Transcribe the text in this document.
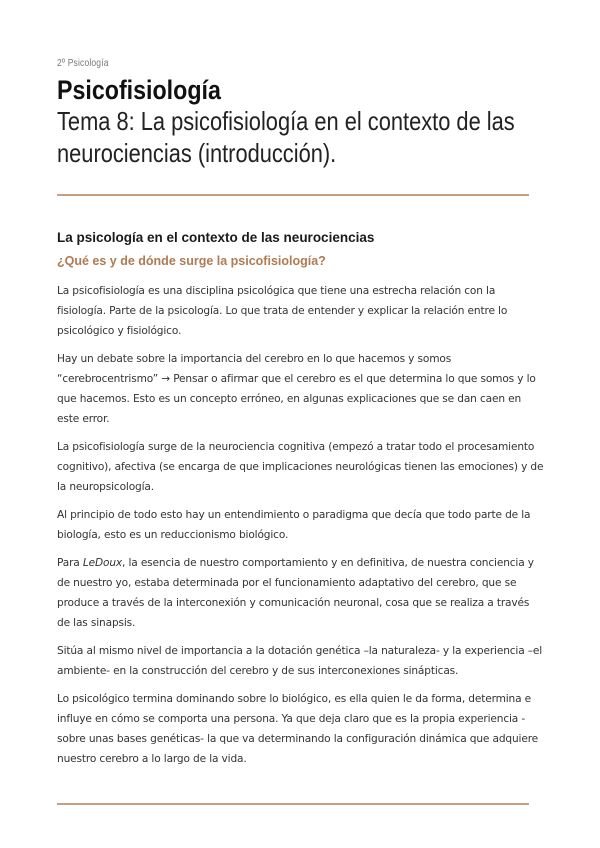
2º Psicología
Psicofisiología
Tema 8: La psicofisiología en el contexto de las neurociencias (introducción).
La psicología en el contexto de las neurociencias
¿Qué es y de dónde surge la psicofisiología?

La psicofisiología es una disciplina psicológica que tiene una estrecha relación con la fisiología. Parte de la psicología. Lo que trata de entender y explicar la relación entre lo psicológico y fisiológico.

Hay un debate sobre la importancia del cerebro en lo que hacemos y somos “cerebrocentrismo” → Pensar o afirmar que el cerebro es el que determina lo que somos y lo que hacemos. Esto es un concepto erróneo, en algunas explicaciones que se dan caen en este error.

La psicofisiología surge de la neurociencia cognitiva (empezó a tratar todo el procesamiento cognitivo), afectiva (se encarga de que implicaciones neurológicas tienen las emociones) y de la neuropsicología.

Al principio de todo esto hay un entendimiento o paradigma que decía que todo parte de la biología, esto es un reduccionismo biológico.

Para LeDoux, la esencia de nuestro comportamiento y en definitiva, de nuestra conciencia y de nuestro yo, estaba determinada por el funcionamiento adaptativo del cerebro, que se produce a través de la interconexión y comunicación neuronal, cosa que se realiza a través de las sinapsis.

Sitúa al mismo nivel de importancia a la dotación genética –la naturaleza- y la experiencia –el ambiente- en la construcción del cerebro y de sus interconexiones sinápticas.

Lo psicológico termina dominando sobre lo biológico, es ella quien le da forma, determina e influye en cómo se comporta una persona. Ya que deja claro que es la propia experiencia -sobre unas bases genéticas- la que va determinando la configuración dinámica que adquiere nuestro cerebro a lo largo de la vida.
